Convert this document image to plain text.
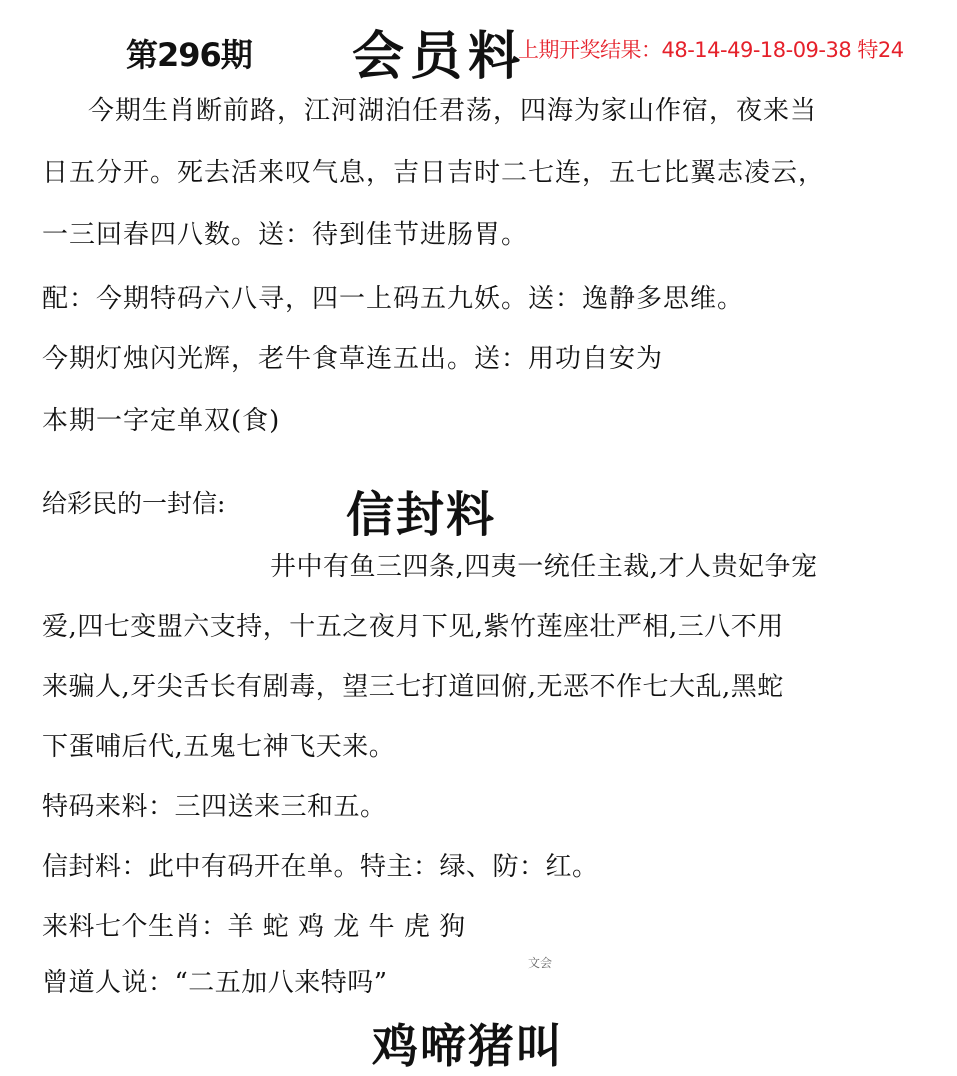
第296期 会员料
上期开奖结果：48-14-49-18-09-38 特24
今期生肖断前路，江河湖泊任君荡，四海为家山作宿，夜来当
日五分开。死去活来叹气息，吉日吉时二七连，五七比翼志凌云，
一三回春四八数。送：待到佳节进肠胃。
配：今期特码六八寻，四一上码五九妖。送：逸静多思维。
今期灯烛闪光辉，老牛食草连五出。送：用功自安为
本期一字定单双(食)
给彩民的一封信:	信封料
井中有鱼三四条,四夷一统任主裁,才人贵妃争宠
爱,四七变盟六支持，十五之夜月下见,紫竹莲座壮严相,三八不用
来骗人,牙尖舌长有剧毒，望三七打道回俯,无恶不作七大乱,黑蛇
下蛋哺后代,五鬼七神飞天来。
特码来料：三四送来三和五。
信封料：此中有码开在单。特主：绿、防：红。
来料七个生肖：羊 蛇 鸡 龙 牛 虎 狗
曾道人说：“二五加八来特吗”
文会
鸡啼猪叫
